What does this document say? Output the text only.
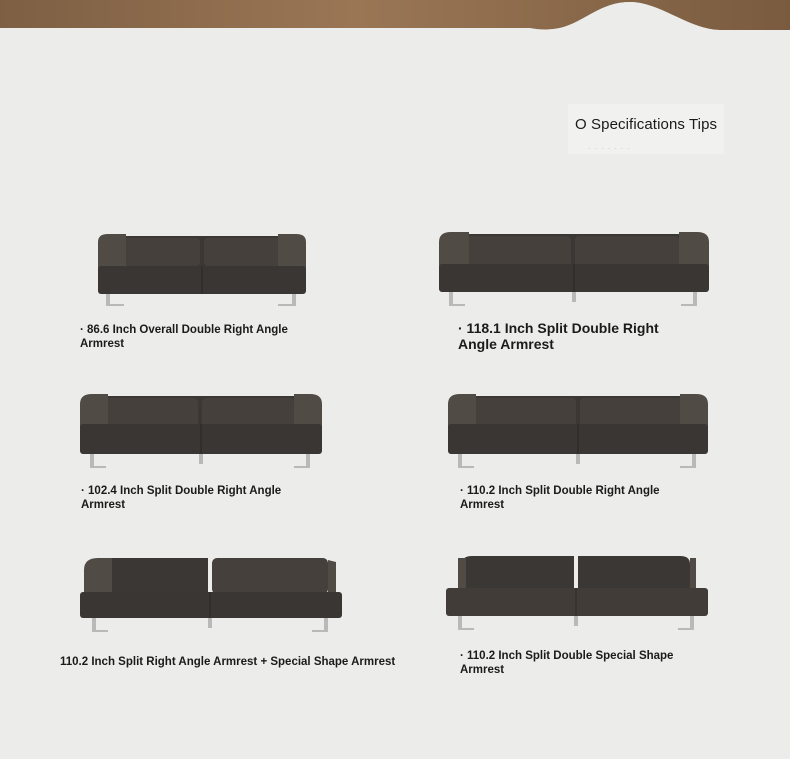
O Specifications Tips
· · · · · · ·
· 86.6 Inch Overall Double Right Angle Armrest
· 118.1 Inch Split Double Right Angle Armrest
· 102.4 Inch Split Double Right Angle Armrest
· 110.2 Inch Split Double Right Angle Armrest
110.2 Inch Split Right Angle Armrest + Special Shape Armrest	· 110.2 Inch Split Double Special Shape Armrest
